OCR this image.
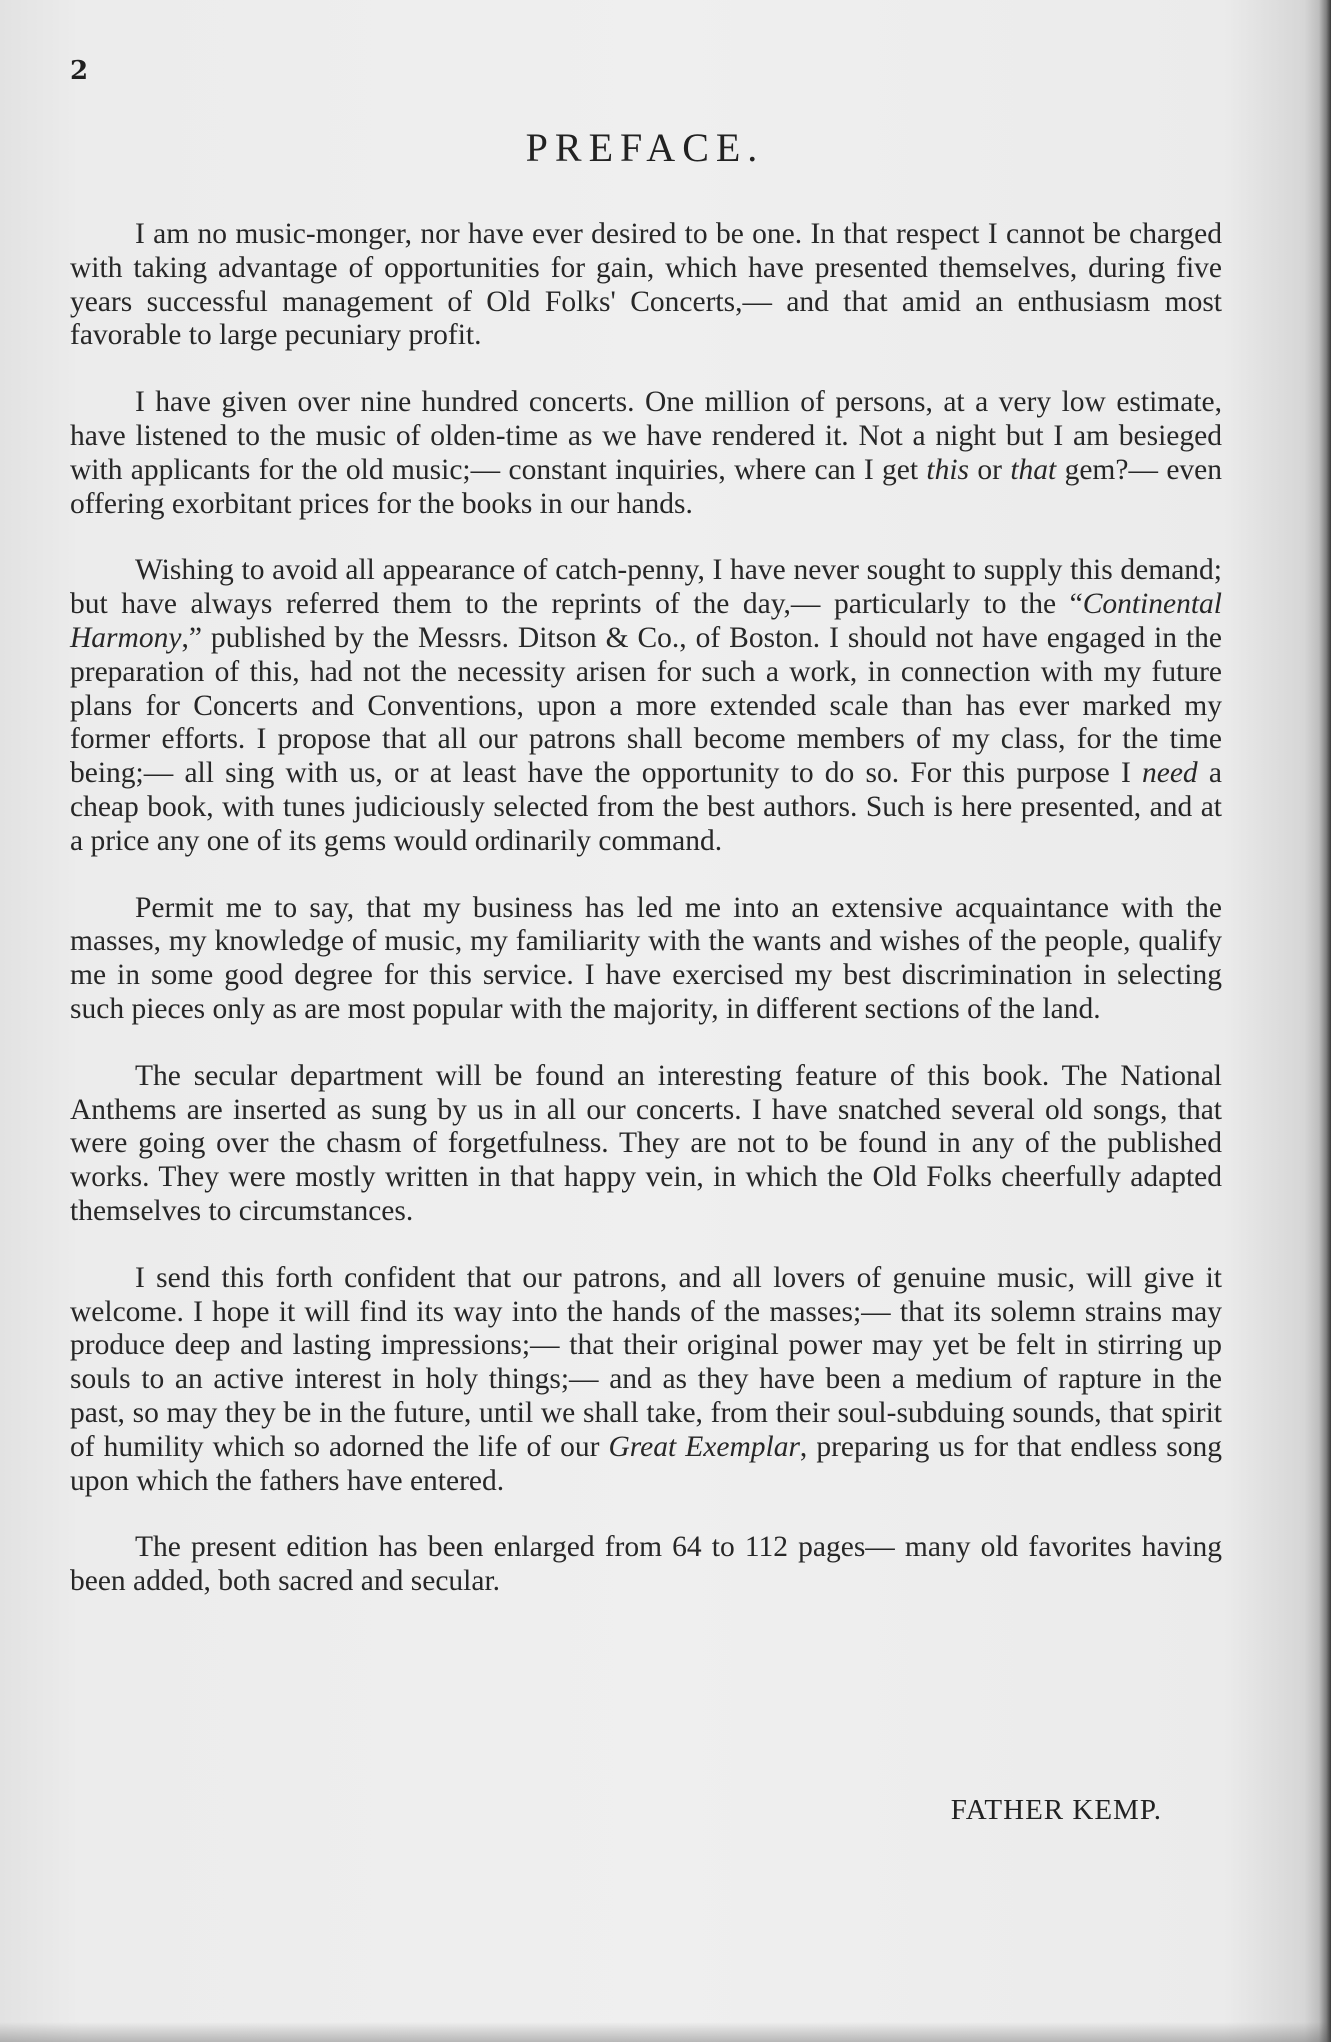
2
PREFACE.

I am no music-monger, nor have ever desired to be one. In that respect I cannot be charged with taking advantage of opportunities for gain, which have presented themselves, during five years successful management of Old Folks' Concerts,— and that amid an enthusiasm most favorable to large pecuniary profit.

I have given over nine hundred concerts. One million of persons, at a very low estimate, have listened to the music of olden-time as we have rendered it. Not a night but I am besieged with applicants for the old music;— constant inquiries, where can I get this or that gem?— even offering exorbitant prices for the books in our hands.

Wishing to avoid all appearance of catch-penny, I have never sought to supply this demand; but have always referred them to the reprints of the day,— particularly to the “Continental Harmony,” published by the Messrs. Ditson & Co., of Boston. I should not have engaged in the preparation of this, had not the necessity arisen for such a work, in connection with my future plans for Concerts and Conventions, upon a more extended scale than has ever marked my former efforts. I propose that all our patrons shall become members of my class, for the time being;— all sing with us, or at least have the opportunity to do so. For this purpose I need a cheap book, with tunes judiciously selected from the best authors. Such is here presented, and at a price any one of its gems would ordinarily command.

Permit me to say, that my business has led me into an extensive acquaintance with the masses, my knowledge of music, my familiarity with the wants and wishes of the people, qualify me in some good degree for this service. I have exercised my best discrimination in selecting such pieces only as are most popular with the majority, in different sections of the land.

The secular department will be found an interesting feature of this book. The National Anthems are inserted as sung by us in all our concerts. I have snatched several old songs, that were going over the chasm of forgetfulness. They are not to be found in any of the published works. They were mostly written in that happy vein, in which the Old Folks cheerfully adapted themselves to circumstances.

I send this forth confident that our patrons, and all lovers of genuine music, will give it welcome. I hope it will find its way into the hands of the masses;— that its solemn strains may produce deep and lasting impressions;— that their original power may yet be felt in stirring up souls to an active interest in holy things;— and as they have been a medium of rapture in the past, so may they be in the future, until we shall take, from their soul-subduing sounds, that spirit of humility which so adorned the life of our Great Exemplar, preparing us for that endless song upon which the fathers have entered.

The present edition has been enlarged from 64 to 112 pages— many old favorites having been added, both sacred and secular.

FATHER KEMP.
